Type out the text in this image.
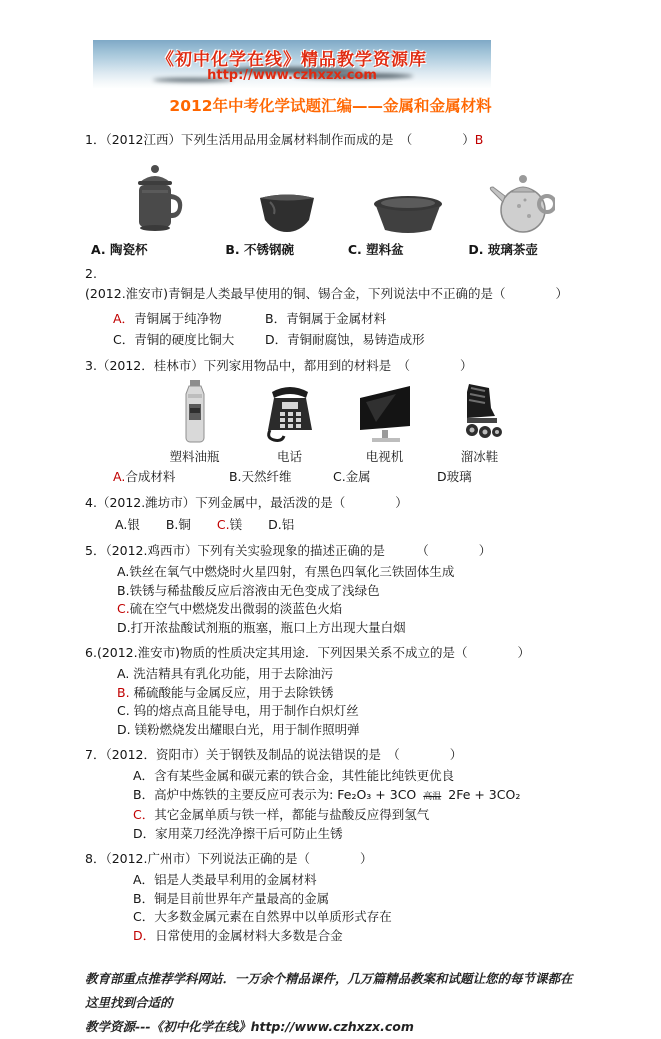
《初中化学在线》精品教学资源库
http://www.czhxzx.com
2012年中考化学试题汇编——金属和金属材料
1．（2012江西）下列生活用品用金属材料制作而成的是　（　　　　）B
A. 陶瓷杯	B. 不锈钢碗	C. 塑料盆	D. 玻璃茶壶
2.(2012.淮安市)青铜是人类最早使用的铜、锡合金，下列说法中不正确的是（　　　　）
A．青铜属于纯净物	B．青铜属于金属材料
C．青铜的硬度比铜大	D．青铜耐腐蚀，易铸造成形
3.（2012．桂林市）下列家用物品中，都用到的材料是　（　　　　）
塑料油瓶	电话	电视机	溜冰鞋
A.合成材料	B.天然纤维	C.金属	D玻璃
4.（2012.潍坊市）下列金属中，最活泼的是（　　　　）
A.银 B.铜 C.镁 D.铝
5．（2012.鸡西市）下列有关实验现象的描述正确的是　　　（　　　　）
A.铁丝在氧气中燃烧时火星四射，有黑色四氧化三铁固体生成
B.铁锈与稀盐酸反应后溶液由无色变成了浅绿色
C.硫在空气中燃烧发出微弱的淡蓝色火焰
D.打开浓盐酸试剂瓶的瓶塞，瓶口上方出现大量白烟
6.(2012.淮安市)物质的性质决定其用途．下列因果关系不成立的是（　　　　）
A. 洗洁精具有乳化功能，用于去除油污
B. 稀硫酸能与金属反应，用于去除铁锈
C. 钨的熔点高且能导电，用于制作白炽灯丝
D. 镁粉燃烧发出耀眼白光，用于制作照明弹
7．（2012．资阳市）关于钢铁及制品的说法错误的是　（　　　　）
A．含有某些金属和碳元素的铁合金，其性能比纯铁更优良
B．高炉中炼铁的主要反应可表示为: Fe₂O₃ + 3CO 高温 2Fe + 3CO₂
C．其它金属单质与铁一样，都能与盐酸反应得到氢气
D．家用菜刀经洗净擦干后可防止生锈
8．（2012.广州市）下列说法正确的是（　　　　）
A．铝是人类最早利用的金属材料
B．铜是目前世界年产量最高的金属
C．大多数金属元素在自然界中以单质形式存在
D．日常使用的金属材料大多数是合金
教育部重点推荐学科网站．一万余个精品课件，几万篇精品教案和试题让您的每节课都在这里找到合适的
教学资源---《初中化学在线》http://www.czhxzx.com
